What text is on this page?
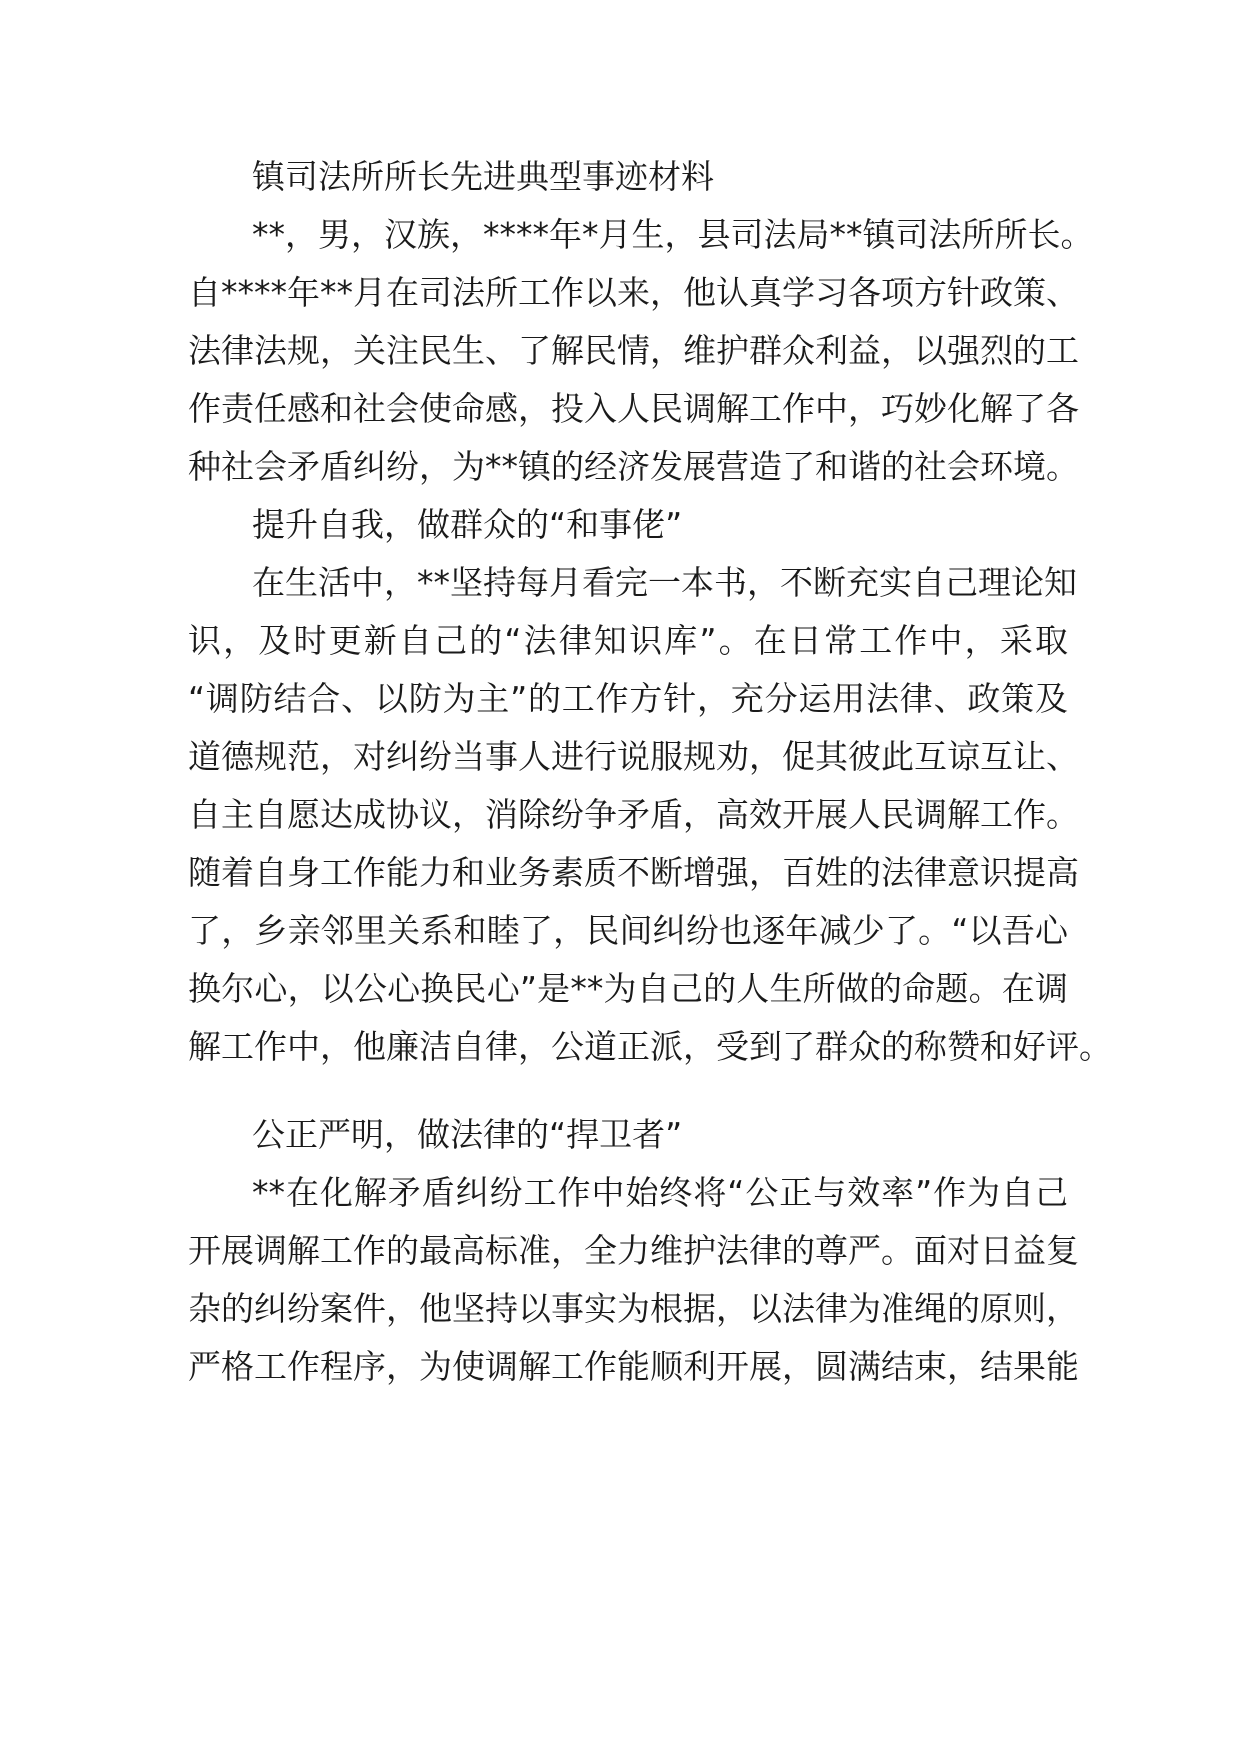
镇司法所所长先进典型事迹材料

**，男，汉族，****年*月生，县司法局**镇司法所所长。

自****年**月在司法所工作以来，他认真学习各项方针政策、

法律法规，关注民生、了解民情，维护群众利益，以强烈的工

作责任感和社会使命感，投入人民调解工作中，巧妙化解了各

种社会矛盾纠纷，为**镇的经济发展营造了和谐的社会环境。

提升自我，做群众的“和事佬”

在生活中，**坚持每月看完一本书，不断充实自己理论知

识，及时更新自己的“法律知识库”。在日常工作中，采取

“调防结合、以防为主”的工作方针，充分运用法律、政策及

道德规范，对纠纷当事人进行说服规劝，促其彼此互谅互让、

自主自愿达成协议，消除纷争矛盾，高效开展人民调解工作。

随着自身工作能力和业务素质不断增强，百姓的法律意识提高

了，乡亲邻里关系和睦了，民间纠纷也逐年减少了。“以吾心

换尔心，以公心换民心”是**为自己的人生所做的命题。在调

解工作中，他廉洁自律，公道正派，受到了群众的称赞和好评。

公正严明，做法律的“捍卫者”

**在化解矛盾纠纷工作中始终将“公正与效率”作为自己

开展调解工作的最高标准，全力维护法律的尊严。面对日益复

杂的纠纷案件，他坚持以事实为根据，以法律为准绳的原则，

严格工作程序，为使调解工作能顺利开展，圆满结束，结果能
